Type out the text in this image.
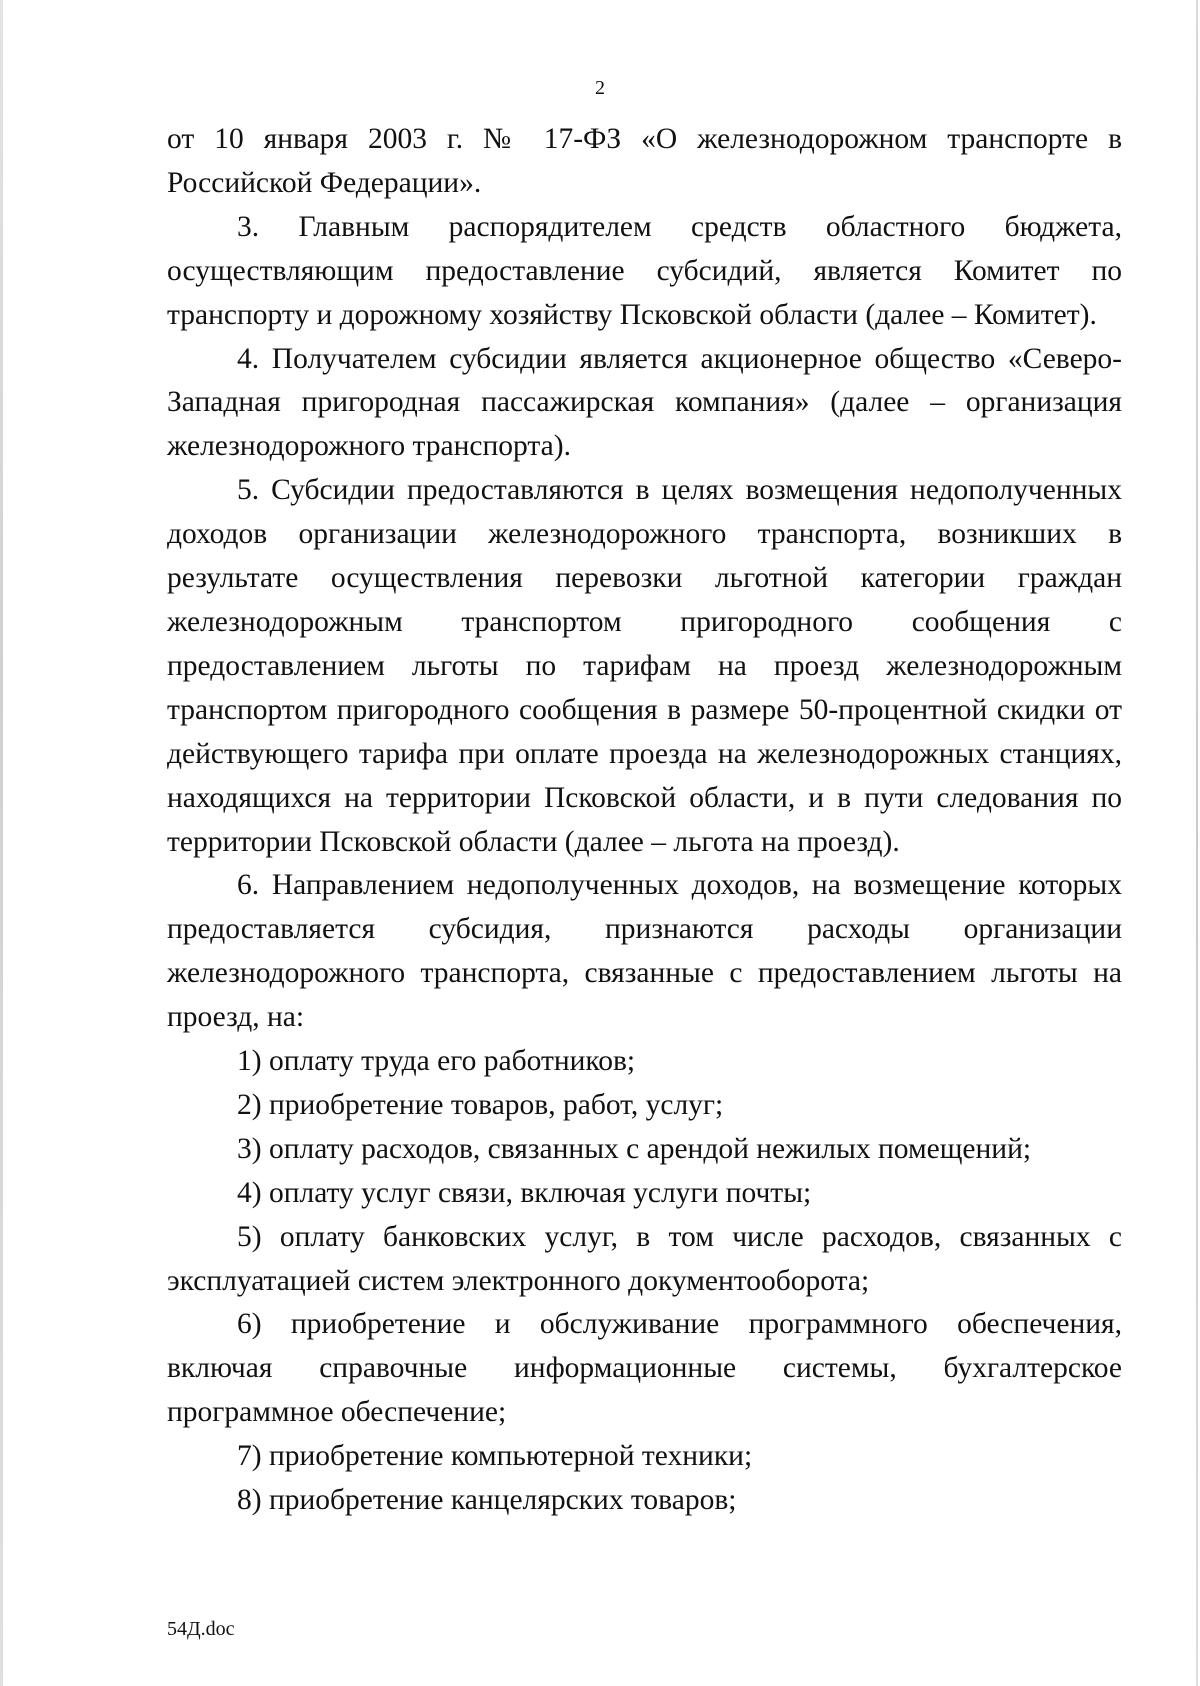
2

от 10 января 2003 г. № 17-ФЗ «О железнодорожном транспорте в Российской Федерации».

3. Главным распорядителем средств областного бюджета, осуществляющим предоставление субсидий, является Комитет по транспорту и дорожному хозяйству Псковской области (далее – Комитет).

4. Получателем субсидии является акционерное общество «Северо-Западная пригородная пассажирская компания» (далее – организация железнодорожного транспорта).

5. Субсидии предоставляются в целях возмещения недополученных доходов организации железнодорожного транспорта, возникших в результате осуществления перевозки льготной категории граждан железнодорожным транспортом пригородного сообщения с предоставлением льготы по тарифам на проезд железнодорожным транспортом пригородного сообщения в размере 50-процентной скидки от действующего тарифа при оплате проезда на железнодорожных станциях, находящихся на территории Псковской области, и в пути следования по территории Псковской области (далее – льгота на проезд).

6. Направлением недополученных доходов, на возмещение которых предоставляется субсидия, признаются расходы организации железнодорожного транспорта, связанные с предоставлением льготы на проезд, на:

1) оплату труда его работников;

2) приобретение товаров, работ, услуг;

3) оплату расходов, связанных с арендой нежилых помещений;

4) оплату услуг связи, включая услуги почты;

5) оплату банковских услуг, в том числе расходов, связанных с эксплуатацией систем электронного документооборота;

6) приобретение и обслуживание программного обеспечения, включая справочные информационные системы, бухгалтерское программное обеспечение;

7) приобретение компьютерной техники;

8) приобретение канцелярских товаров;

54Д.doc
